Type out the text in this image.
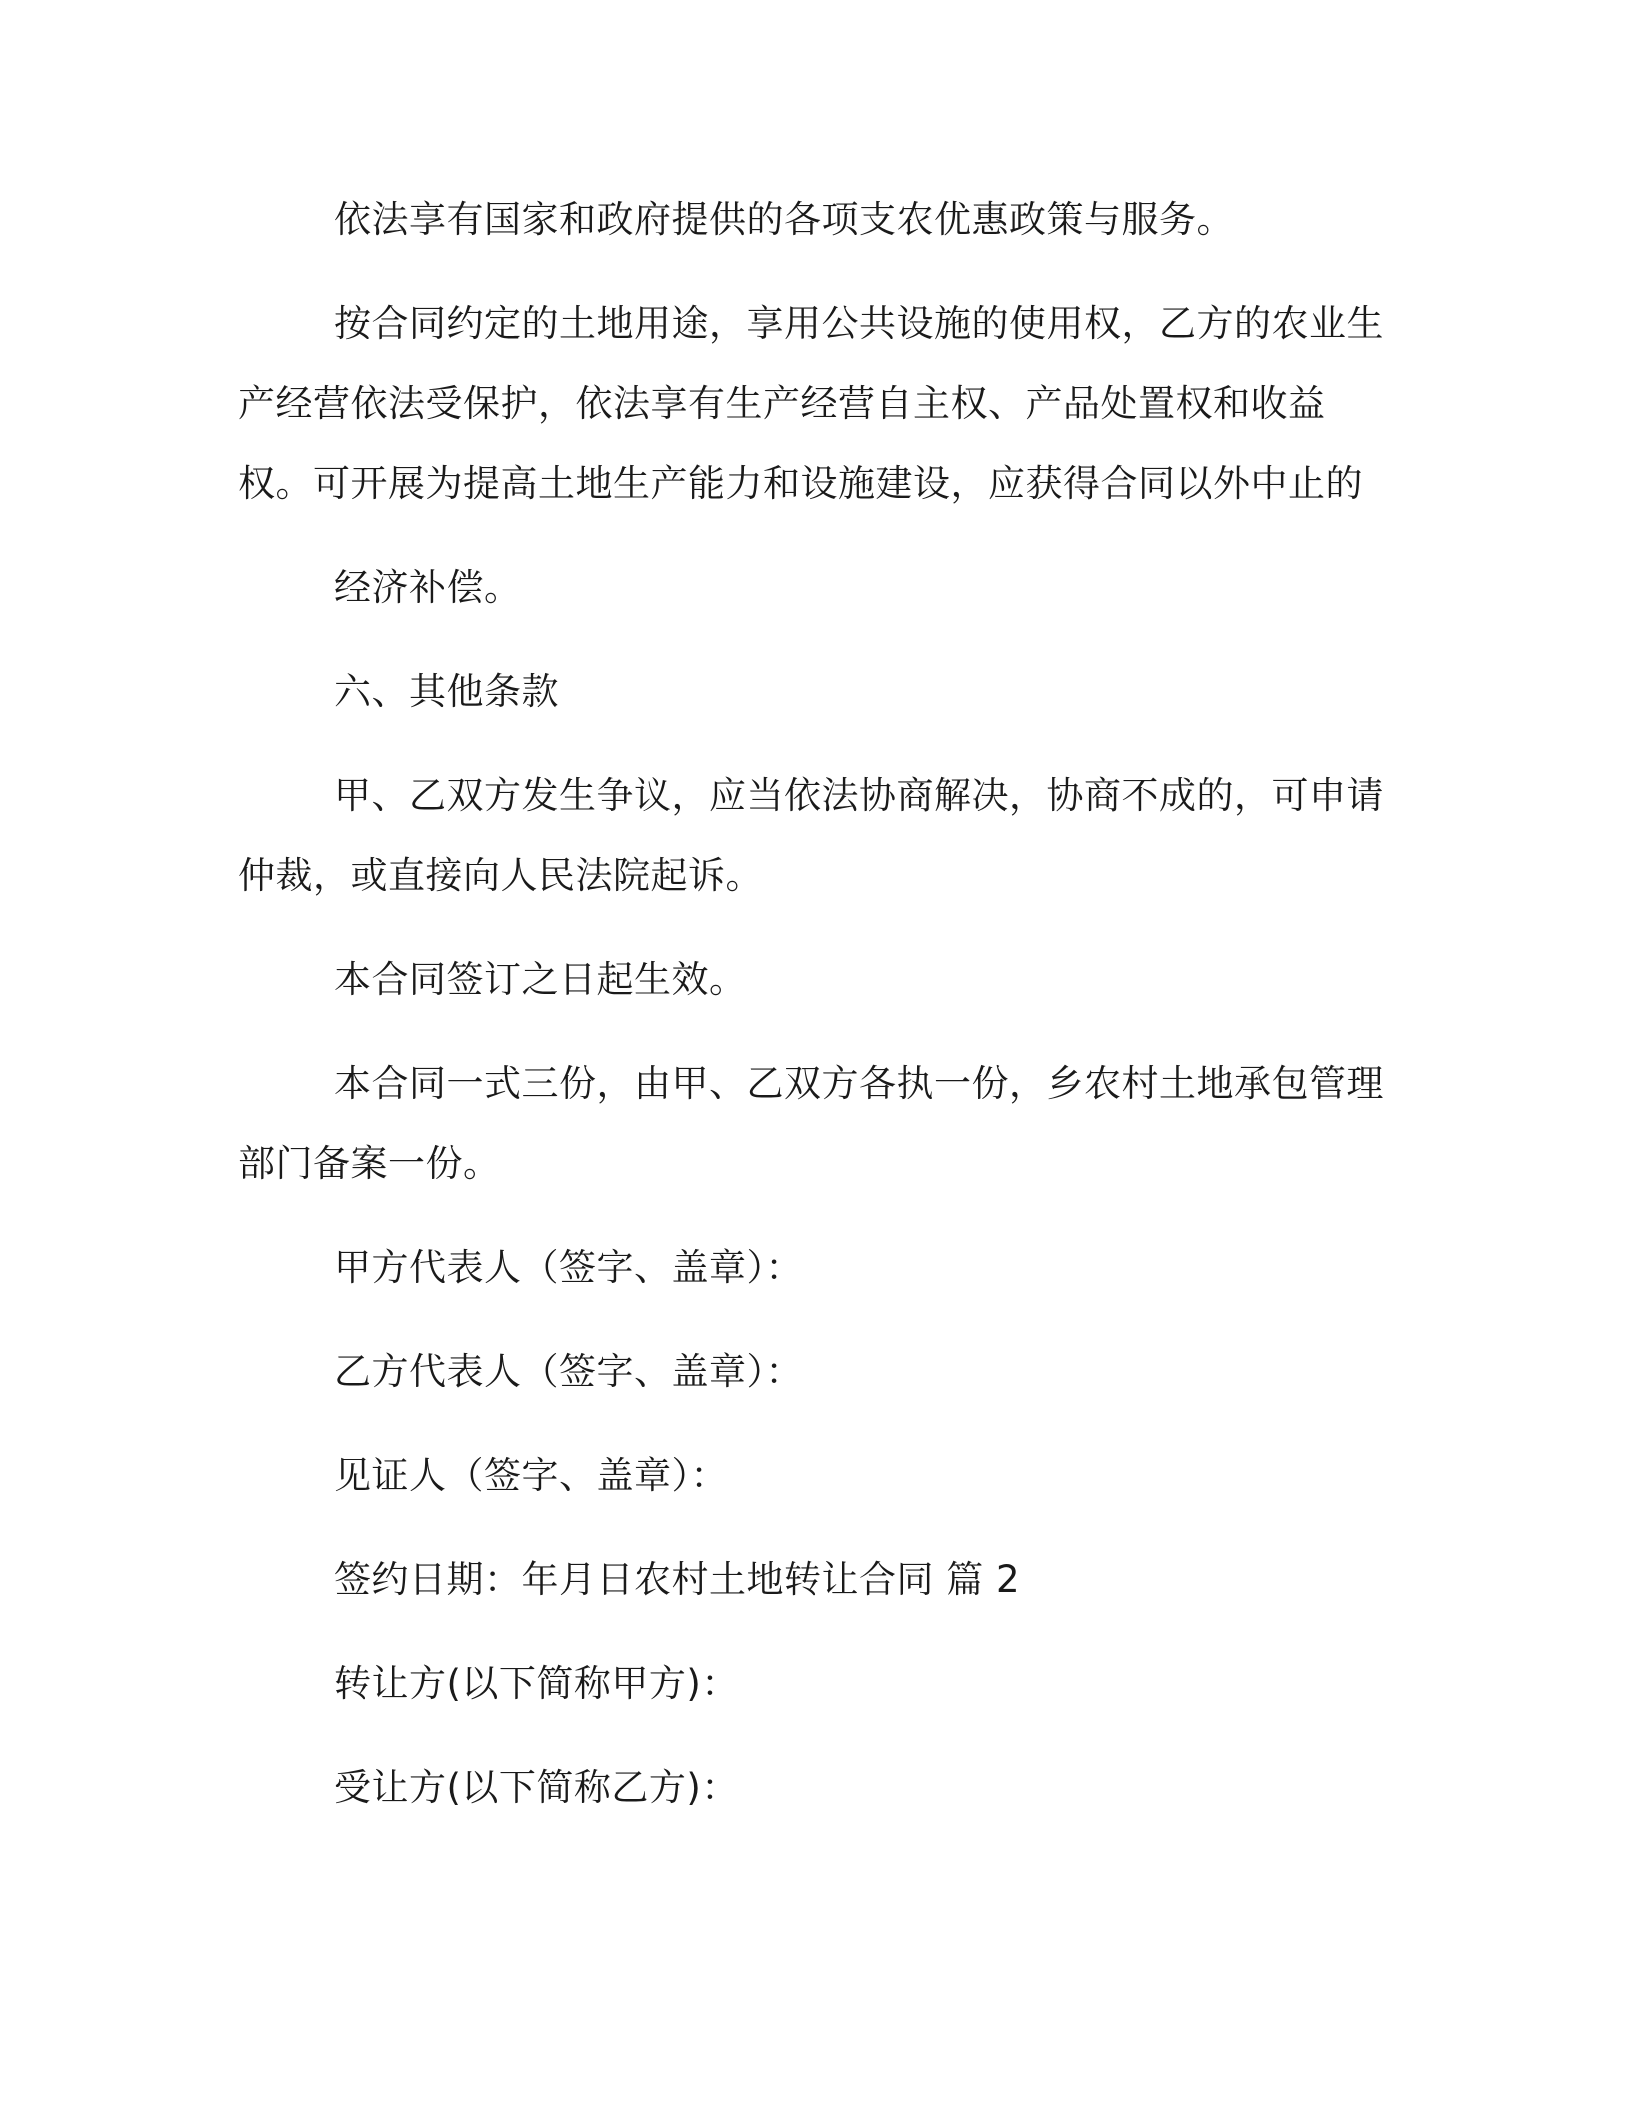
依法享有国家和政府提供的各项支农优惠政策与服务。

按合同约定的土地用途，享用公共设施的使用权，乙方的农业生产经营依法受保护，依法享有生产经营自主权、产品处置权和收益权。可开展为提高土地生产能力和设施建设，应获得合同以外中止的

经济补偿。

六、其他条款

甲、乙双方发生争议，应当依法协商解决，协商不成的，可申请仲裁，或直接向人民法院起诉。

本合同签订之日起生效。

本合同一式三份，由甲、乙双方各执一份，乡农村土地承包管理部门备案一份。

甲方代表人（签字、盖章）：

乙方代表人（签字、盖章）：

见证人（签字、盖章）：

签约日期：年月日农村土地转让合同 篇 2

转让方(以下简称甲方)：

受让方(以下简称乙方)：
